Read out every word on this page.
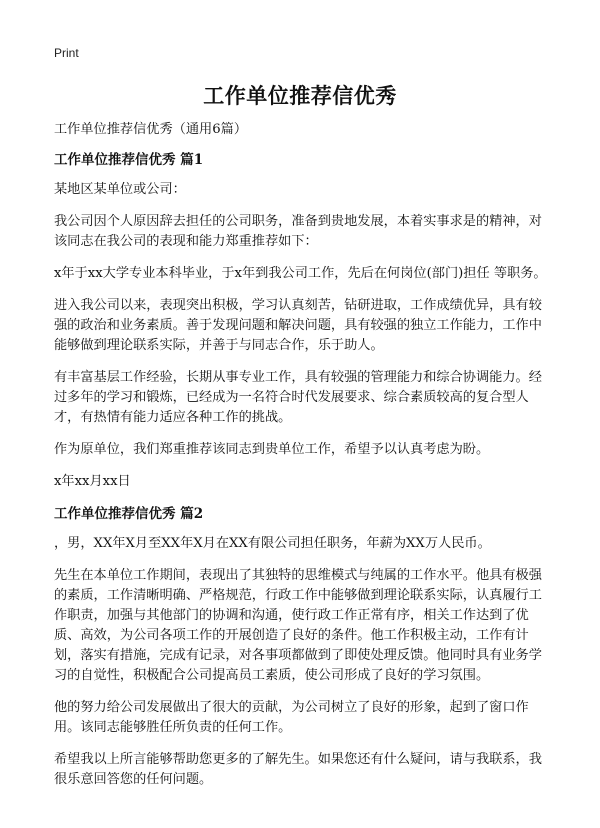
Print
工作单位推荐信优秀

工作单位推荐信优秀（通用6篇）

工作单位推荐信优秀 篇1

某地区某单位或公司：

我公司因个人原因辞去担任的公司职务，准备到贵地发展，本着实事求是的精神，对该同志在我公司的表现和能力郑重推荐如下：

x年于xx大学专业本科毕业，于x年到我公司工作，先后在何岗位(部门)担任 等职务。

进入我公司以来，表现突出积极，学习认真刻苦，钻研进取，工作成绩优异，具有较强的政治和业务素质。善于发现问题和解决问题，具有较强的独立工作能力，工作中能够做到理论联系实际，并善于与同志合作，乐于助人。

有丰富基层工作经验，长期从事专业工作，具有较强的管理能力和综合协调能力。经过多年的学习和锻炼，已经成为一名符合时代发展要求、综合素质较高的复合型人才，有热情有能力适应各种工作的挑战。

作为原单位，我们郑重推荐该同志到贵单位工作，希望予以认真考虑为盼。

x年xx月xx日

工作单位推荐信优秀 篇2

，男，XX年X月至XX年X月在XX有限公司担任职务，年薪为XX万人民币。

先生在本单位工作期间，表现出了其独特的思维模式与纯属的工作水平。他具有极强的素质，工作清晰明确、严格规范，行政工作中能够做到理论联系实际，认真履行工作职责，加强与其他部门的协调和沟通，使行政工作正常有序，相关工作达到了优质、高效，为公司各项工作的开展创造了良好的条件。他工作积极主动，工作有计划，落实有措施，完成有记录，对各事项都做到了即使处理反馈。他同时具有业务学习的自觉性，积极配合公司提高员工素质，使公司形成了良好的学习氛围。

他的努力给公司发展做出了很大的贡献，为公司树立了良好的形象，起到了窗口作用。该同志能够胜任所负责的任何工作。

希望我以上所言能够帮助您更多的了解先生。如果您还有什么疑问，请与我联系，我很乐意回答您的任何问题。
